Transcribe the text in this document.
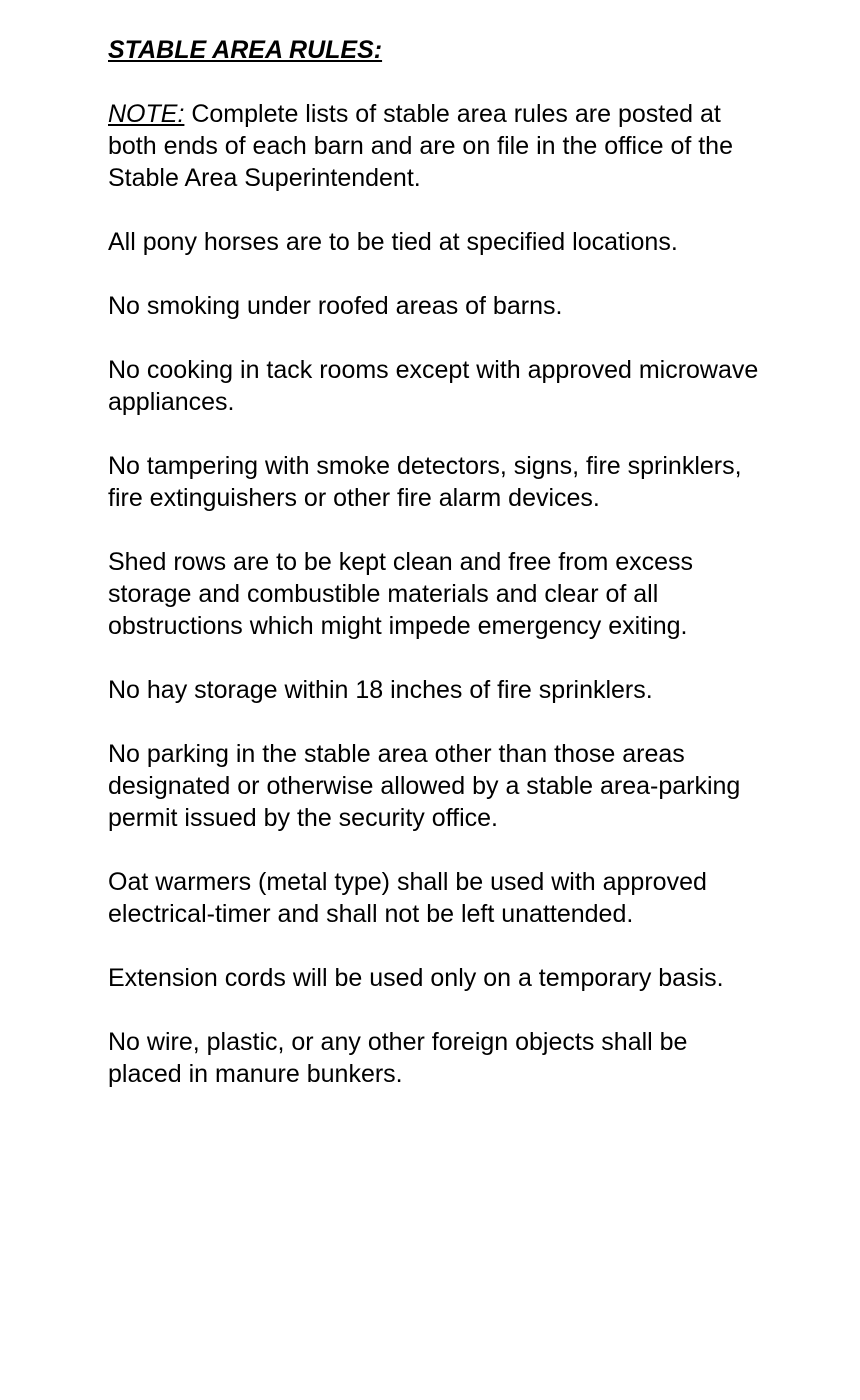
STABLE AREA RULES:

NOTE: Complete lists of stable area rules are posted at both ends of each barn and are on file in the office of the Stable Area Superintendent.

All pony horses are to be tied at specified locations.
No smoking under roofed areas of barns.
No cooking in tack rooms except with approved microwave appliances.
No tampering with smoke detectors, signs, fire sprinklers, fire extinguishers or other fire alarm devices.
Shed rows are to be kept clean and free from excess storage and combustible materials and clear of all obstructions which might impede emergency exiting.
No hay storage within 18 inches of fire sprinklers.
No parking in the stable area other than those areas designated or otherwise allowed by a stable area-parking permit issued by the security office.
Oat warmers (metal type) shall be used with approved electrical-timer and shall not be left unattended.
Extension cords will be used only on a temporary basis.
No wire, plastic, or any other foreign objects shall be placed in manure bunkers.
